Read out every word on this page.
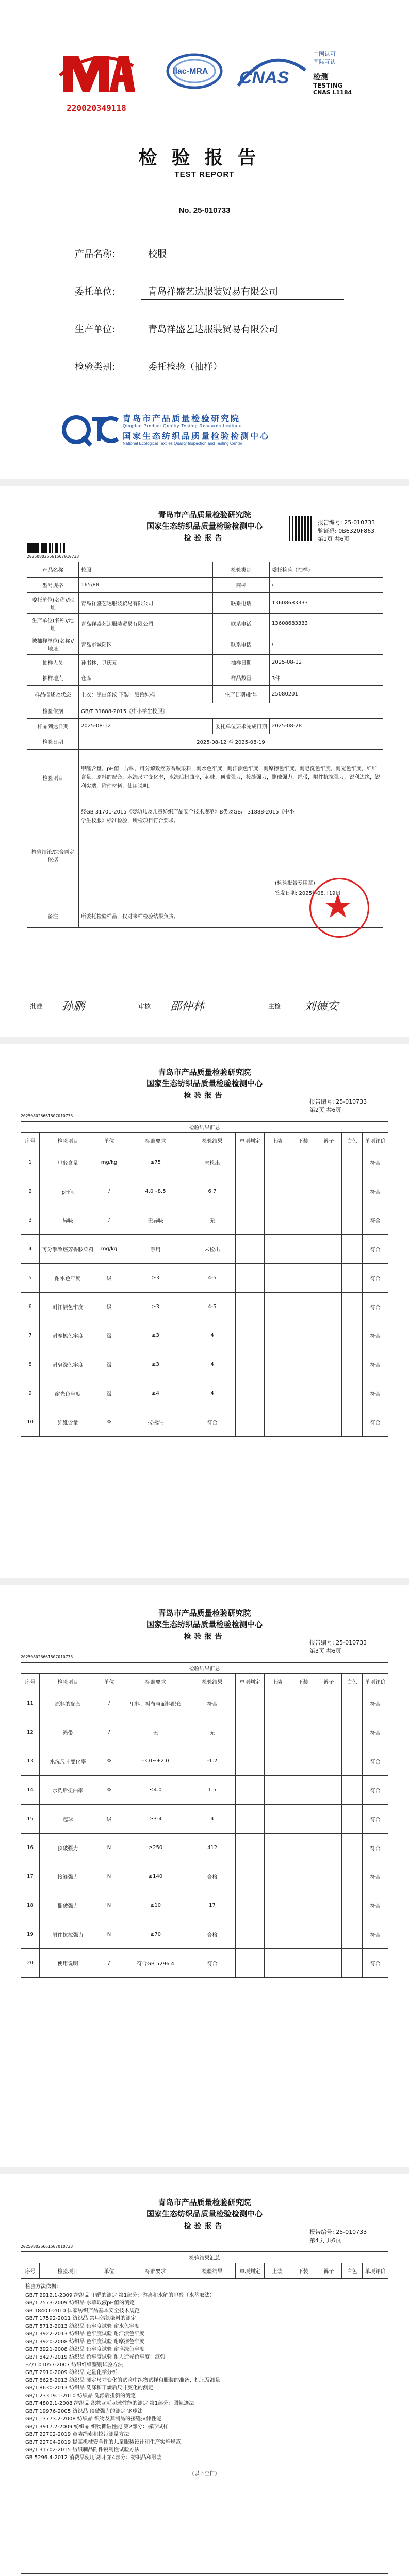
220020349118
ilac-MRA CNAS
中国认可
国际互认
检测
TESTING
CNAS L1184
检验报告
TEST REPORT
No. 25-010733
产品名称:	校服
委托单位:	青岛祥盛艺达服装贸易有限公司
生产单位:	青岛祥盛艺达服装贸易有限公司
检验类别:	委托检验（抽样）
青岛市产品质量检验研究院
Qingdao Product Quality Testing Research Institute
国家生态纺织品质量检验检测中心
National Ecological Textiles Quality Inspection and Testing Center
青岛市产品质量检验研究院
国家生态纺织品质量检验检测中心
检验报告
报告编号: 25-010733
验证码: 0B6320F863
第1页 共6页
202508026661507010733
产品名称	校服	检验类别	委托检验（抽样）
型号规格	165/88	商标	/
委托单位(名称)/地址	青岛祥盛艺达服装贸易有限公司	联系电话	13608683333
生产单位(名称)/地址	青岛祥盛艺达服装贸易有限公司	联系电话	13608683333
被抽样单位(名称)/地址	青岛市城阳区	联系电话	/
抽样人员	孙书林、尹庆元	抽样日期	2025-08-12
抽样地点	仓库	样品数量	3件
样品描述及状态	上衣：黑白条纹 下装：黑色纯棉	生产日期/批号	25080201
检验依据	GB/T 31888-2015《中小学生校服》		
样品到达日期	2025-08-12	委托单位要求完成日期	2025-08-28
检验日期	2025-08-12 至 2025-08-19		
检验项目	甲醛含量，pH值，异味，可分解致癌芳香胺染料，耐水色牢度，耐汗渍色牢度，耐摩擦色牢度，耐皂洗色牢度，耐光色牢度，纤维含量，原料的配套，水洗尺寸变化率，水洗后扭曲率，起球，顶破强力，接缝强力，撕破强力，绳带，附件抗拉强力，锐利边缘，锐利尖端，附件材料，使用说明。		
检验结论/综合判定依据	经GB 31701-2015《婴幼儿及儿童纺织产品安全技术规范》B类及GB/T 31888-2015《中小学生校服》标准检验，所检项目符合要求。
(检验报告专用章)
签发日期: 2025年08月19日		

备注	所委托检验样品，仅对来样检验结果负责。		
批准 孙鹏	审核 邵仲林	主检 刘德安
青岛市产品质量检验研究院
国家生态纺织品质量检验检测中心
检验报告
报告编号: 25-010733
第2页 共6页
202508026661507010733
检验结果汇总										
序号	检验项目	单位	标准要求	检验结果	单项判定	上装	下装	裤子	白色	单项评价
1	甲醛含量	mg/kg	≤75	未检出						符合
2	pH值	/	4.0~8.5	6.7						符合
3	异味	/	无异味	无						符合
4	可分解致癌芳香胺染料	mg/kg	禁用	未检出						符合
5	耐水色牢度	级	≥3	4-5						符合
6	耐汗渍色牢度	级	≥3	4-5						符合
7	耐摩擦色牢度	级	≥3	4						符合
8	耐皂洗色牢度	级	≥3	4						符合
9	耐光色牢度	级	≥4	4						符合
10	纤维含量	%	按标注	符合						符合
青岛市产品质量检验研究院
国家生态纺织品质量检验检测中心
检验报告
报告编号: 25-010733
第3页 共6页
202508026661507010733
检验结果汇总										
序号	检验项目	单位	标准要求	检验结果	单项判定	上装	下装	裤子	白色	单项评价
11	原料的配套	/	里料、衬布与面料配套	符合						符合
12	绳带	/	无	无						符合
13	水洗尺寸变化率	%	-3.0~+2.0	-1.2						符合
14	水洗后扭曲率	%	≤4.0	1.5						符合
15	起球	级	≥3-4	4						符合
16	顶破强力	N	≥250	412						符合
17	接缝强力	N	≥140	合格						符合
18	撕破强力	N	≥10	17						符合
19	附件抗拉强力	N	≥70	合格						符合
20	使用说明	/	符合GB 5296.4	符合						符合
青岛市产品质量检验研究院
国家生态纺织品质量检验检测中心
检验报告
报告编号: 25-010733
第4页 共6页
202508026661507010733
检验结果汇总
序号	检验项目	单位	标准要求	检验结果	单项判定	上装	下装	裤子	白色	单项评价

检验方法依据：
GB/T 2912.1-2009 纺织品 甲醛的测定 第1部分：游离和水解的甲醛（水萃取法）
GB/T 7573-2009 纺织品 水萃取液pH值的测定
GB 18401-2010 国家纺织产品基本安全技术规范
GB/T 17592-2011 纺织品 禁用偶氮染料的测定
GB/T 5713-2013 纺织品 色牢度试验 耐水色牢度
GB/T 3922-2013 纺织品 色牢度试验 耐汗渍色牢度
GB/T 3920-2008 纺织品 色牢度试验 耐摩擦色牢度
GB/T 3921-2008 纺织品 色牢度试验 耐皂洗色牢度
GB/T 8427-2019 纺织品 色牢度试验 耐人造光色牢度：氙弧
FZ/T 01057-2007 纺织纤维鉴别试验方法
GB/T 2910-2009 纺织品 定量化学分析
GB/T 8628-2013 纺织品 测定尺寸变化的试验中织物试样和服装的准备、标记及测量
GB/T 8630-2013 纺织品 洗涤和干燥后尺寸变化的测定
GB/T 23319.1-2010 纺织品 洗涤后扭斜的测定
GB/T 4802.1-2008 纺织品 织物起毛起球性能的测定 第1部分：圆轨迹法
GB/T 19976-2005 纺织品 顶破强力的测定 钢球法
GB/T 13773.2-2008 纺织品 织物及其制品的接缝拉伸性能
GB/T 3917.2-2009 纺织品 织物撕破性能 第2部分：裤形试样
GB/T 22702-2019 童装绳索和拉带测量方法
GB/T 22704-2019 提高机械安全性的儿童服装设计和生产实施规范
GB/T 31702-2015 纺织制品附件锐利性试验方法
GB 5296.4-2012 消费品使用说明 第4部分：纺织品和服装
(以下空白)
